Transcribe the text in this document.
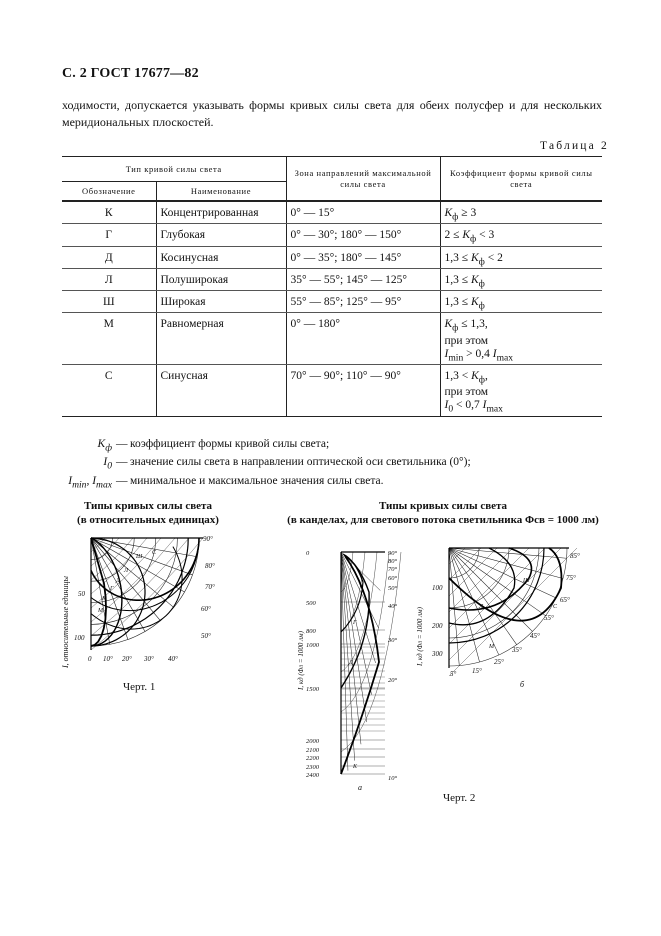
С. 2 ГОСТ 17677—82
ходимости, допускается указывать формы кривых силы света для обеих полусфер и для нескольких меридиональных плоскостей.
Таблица 2
Тип кривой силы света		Зона направлений максимальной силы света	Коэффициент формы кривой силы света
Обозначение	Наименование		
К	Концентрированная	0° — 15°	$K_ф \ge 3$

Г	Глубокая	0° — 30°; 180° — 150°	$2 \le K_ф < 3$

Д	Косинусная	0° — 35°; 180° — 145°	$1,3 \le K_ф < 2$

Л	Полуширокая	35° — 55°; 145° — 125°	$1,3 \le K_ф$

Ш	Широкая	55° — 85°; 125° — 95°	$1,3 \le K_ф$

М	Равномерная	0° — 180°	$K_ф \le 1,3$,
при этом
$I_{min} > 0,4$ $I_{max}$

С	Синусная	70° — 90°; 110° — 90°	$1,3 < K_ф$,
при этом
$I_0 < 0,7$ $I_{max}$
$K_ф$ — коэффициент формы кривой силы света;
$I_0$ — значение силы света в направлении оптической оси светильника (0°);
$I_{min}$, $I_{max}$ — минимальное и максимальное значения силы света.
Типы кривых силы света
(в относительных единицах)
Ш
Л
Д
Г
К
С
М
90°
80°
70°
60°
50°
0 10° 20° 30° 40°
50
100
I, относительные единицы
Черт. 1
Типы кривых силы света
(в канделах, для светового потока светильника Φсв = 1000 лм)
Г
Д
К
0
500
800
1000
1500
2000
2100
2200
2300
2400
90°
80°
70°
60°
50°
40°
30°
20°
10°
а
I, кд (Φл = 1000 лм)
Ш
Л
М
С
85°
75°
65°
55°
45°
35°
25°
15°
5°
100
200
300
б
I, кд (Φл = 1000 лм)
Черт. 2
